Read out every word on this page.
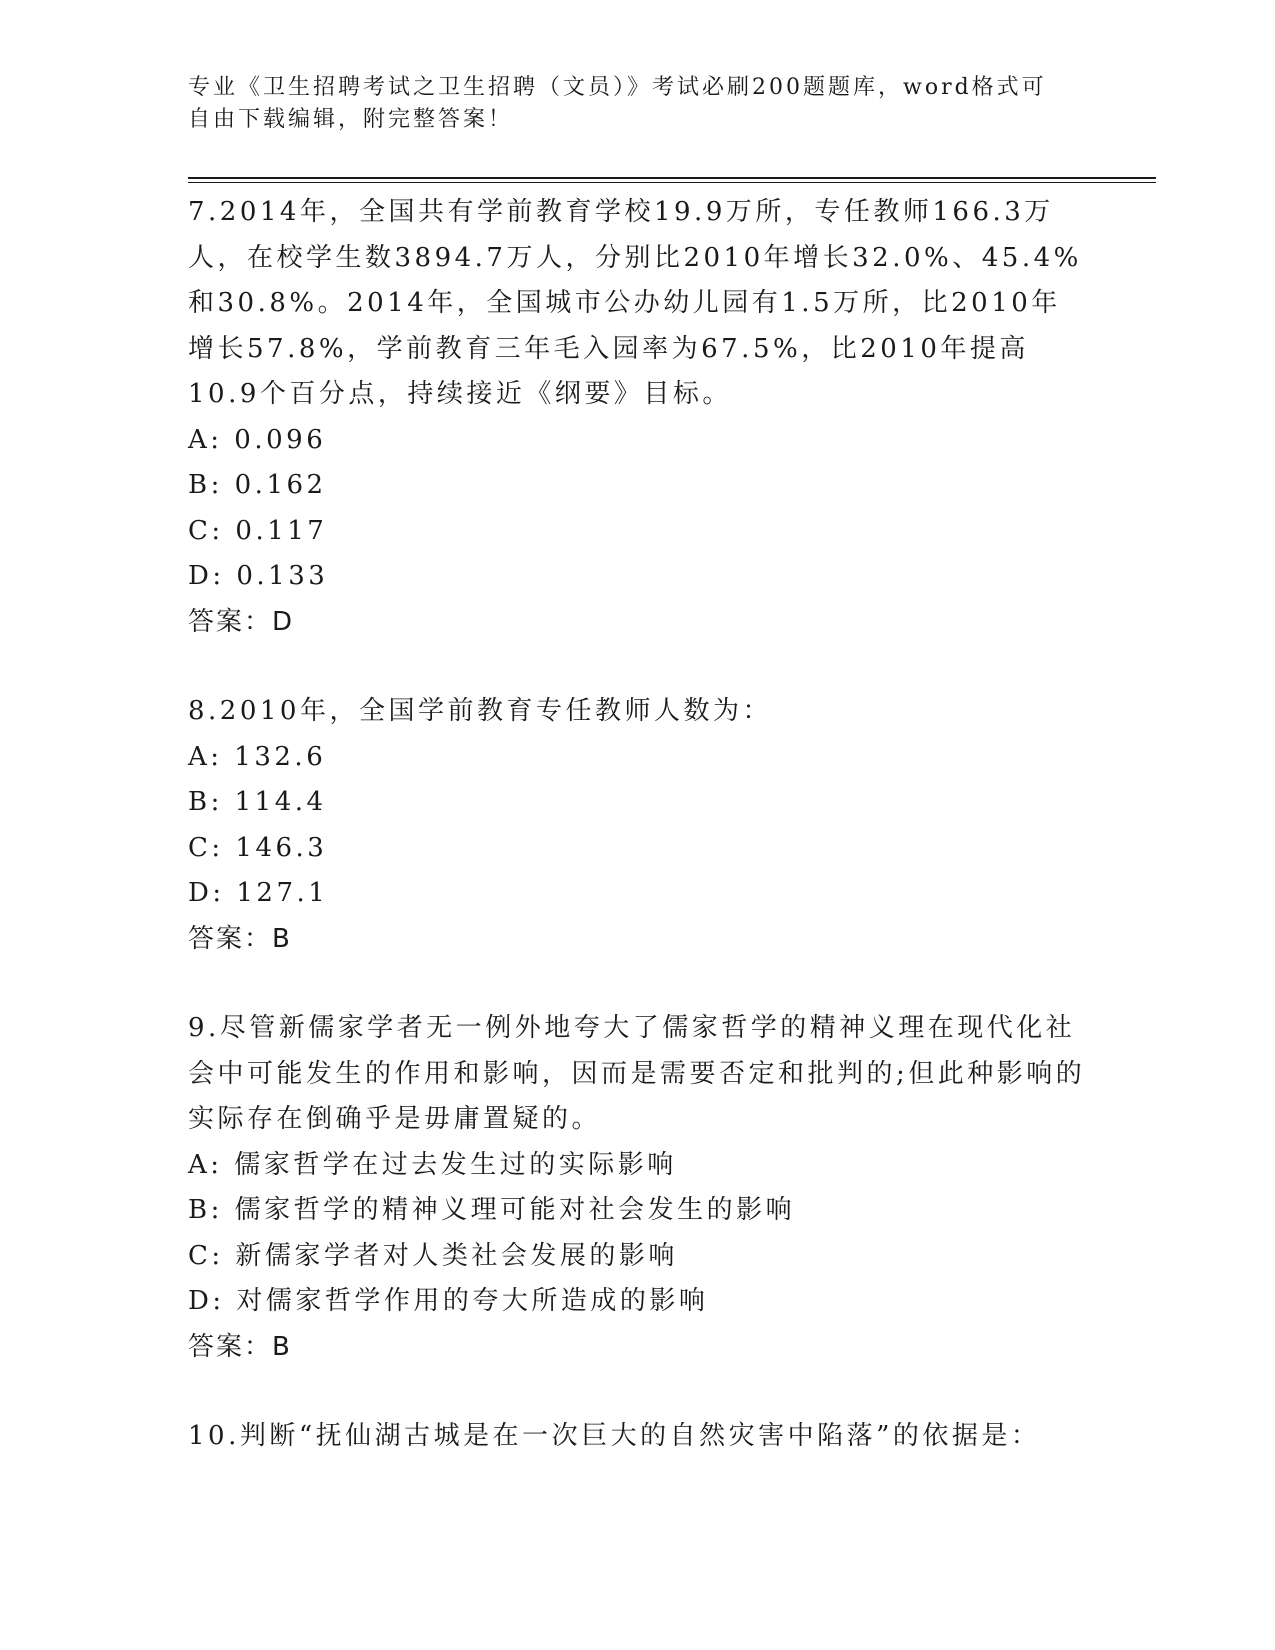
专业《卫生招聘考试之卫生招聘（文员）》考试必刷200题题库，word格式可自由下载编辑，附完整答案！

7.2014年，全国共有学前教育学校19.9万所，专任教师166.3万人，在校学生数3894.7万人，分别比2010年增长32.0%、45.4%和30.8%。2014年，全国城市公办幼儿园有1.5万所，比2010年增长57.8%，学前教育三年毛入园率为67.5%，比2010年提高10.9个百分点，持续接近《纲要》目标。

A: 0.096

B: 0.162

C: 0.117

D: 0.133

答案：D

8.2010年，全国学前教育专任教师人数为：

A: 132.6

B: 114.4

C: 146.3

D: 127.1

答案：B

9.尽管新儒家学者无一例外地夸大了儒家哲学的精神义理在现代化社会中可能发生的作用和影响，因而是需要否定和批判的;但此种影响的实际存在倒确乎是毋庸置疑的。

A: 儒家哲学在过去发生过的实际影响

B: 儒家哲学的精神义理可能对社会发生的影响

C: 新儒家学者对人类社会发展的影响

D: 对儒家哲学作用的夸大所造成的影响

答案：B

10.判断“抚仙湖古城是在一次巨大的自然灾害中陷落”的依据是：
